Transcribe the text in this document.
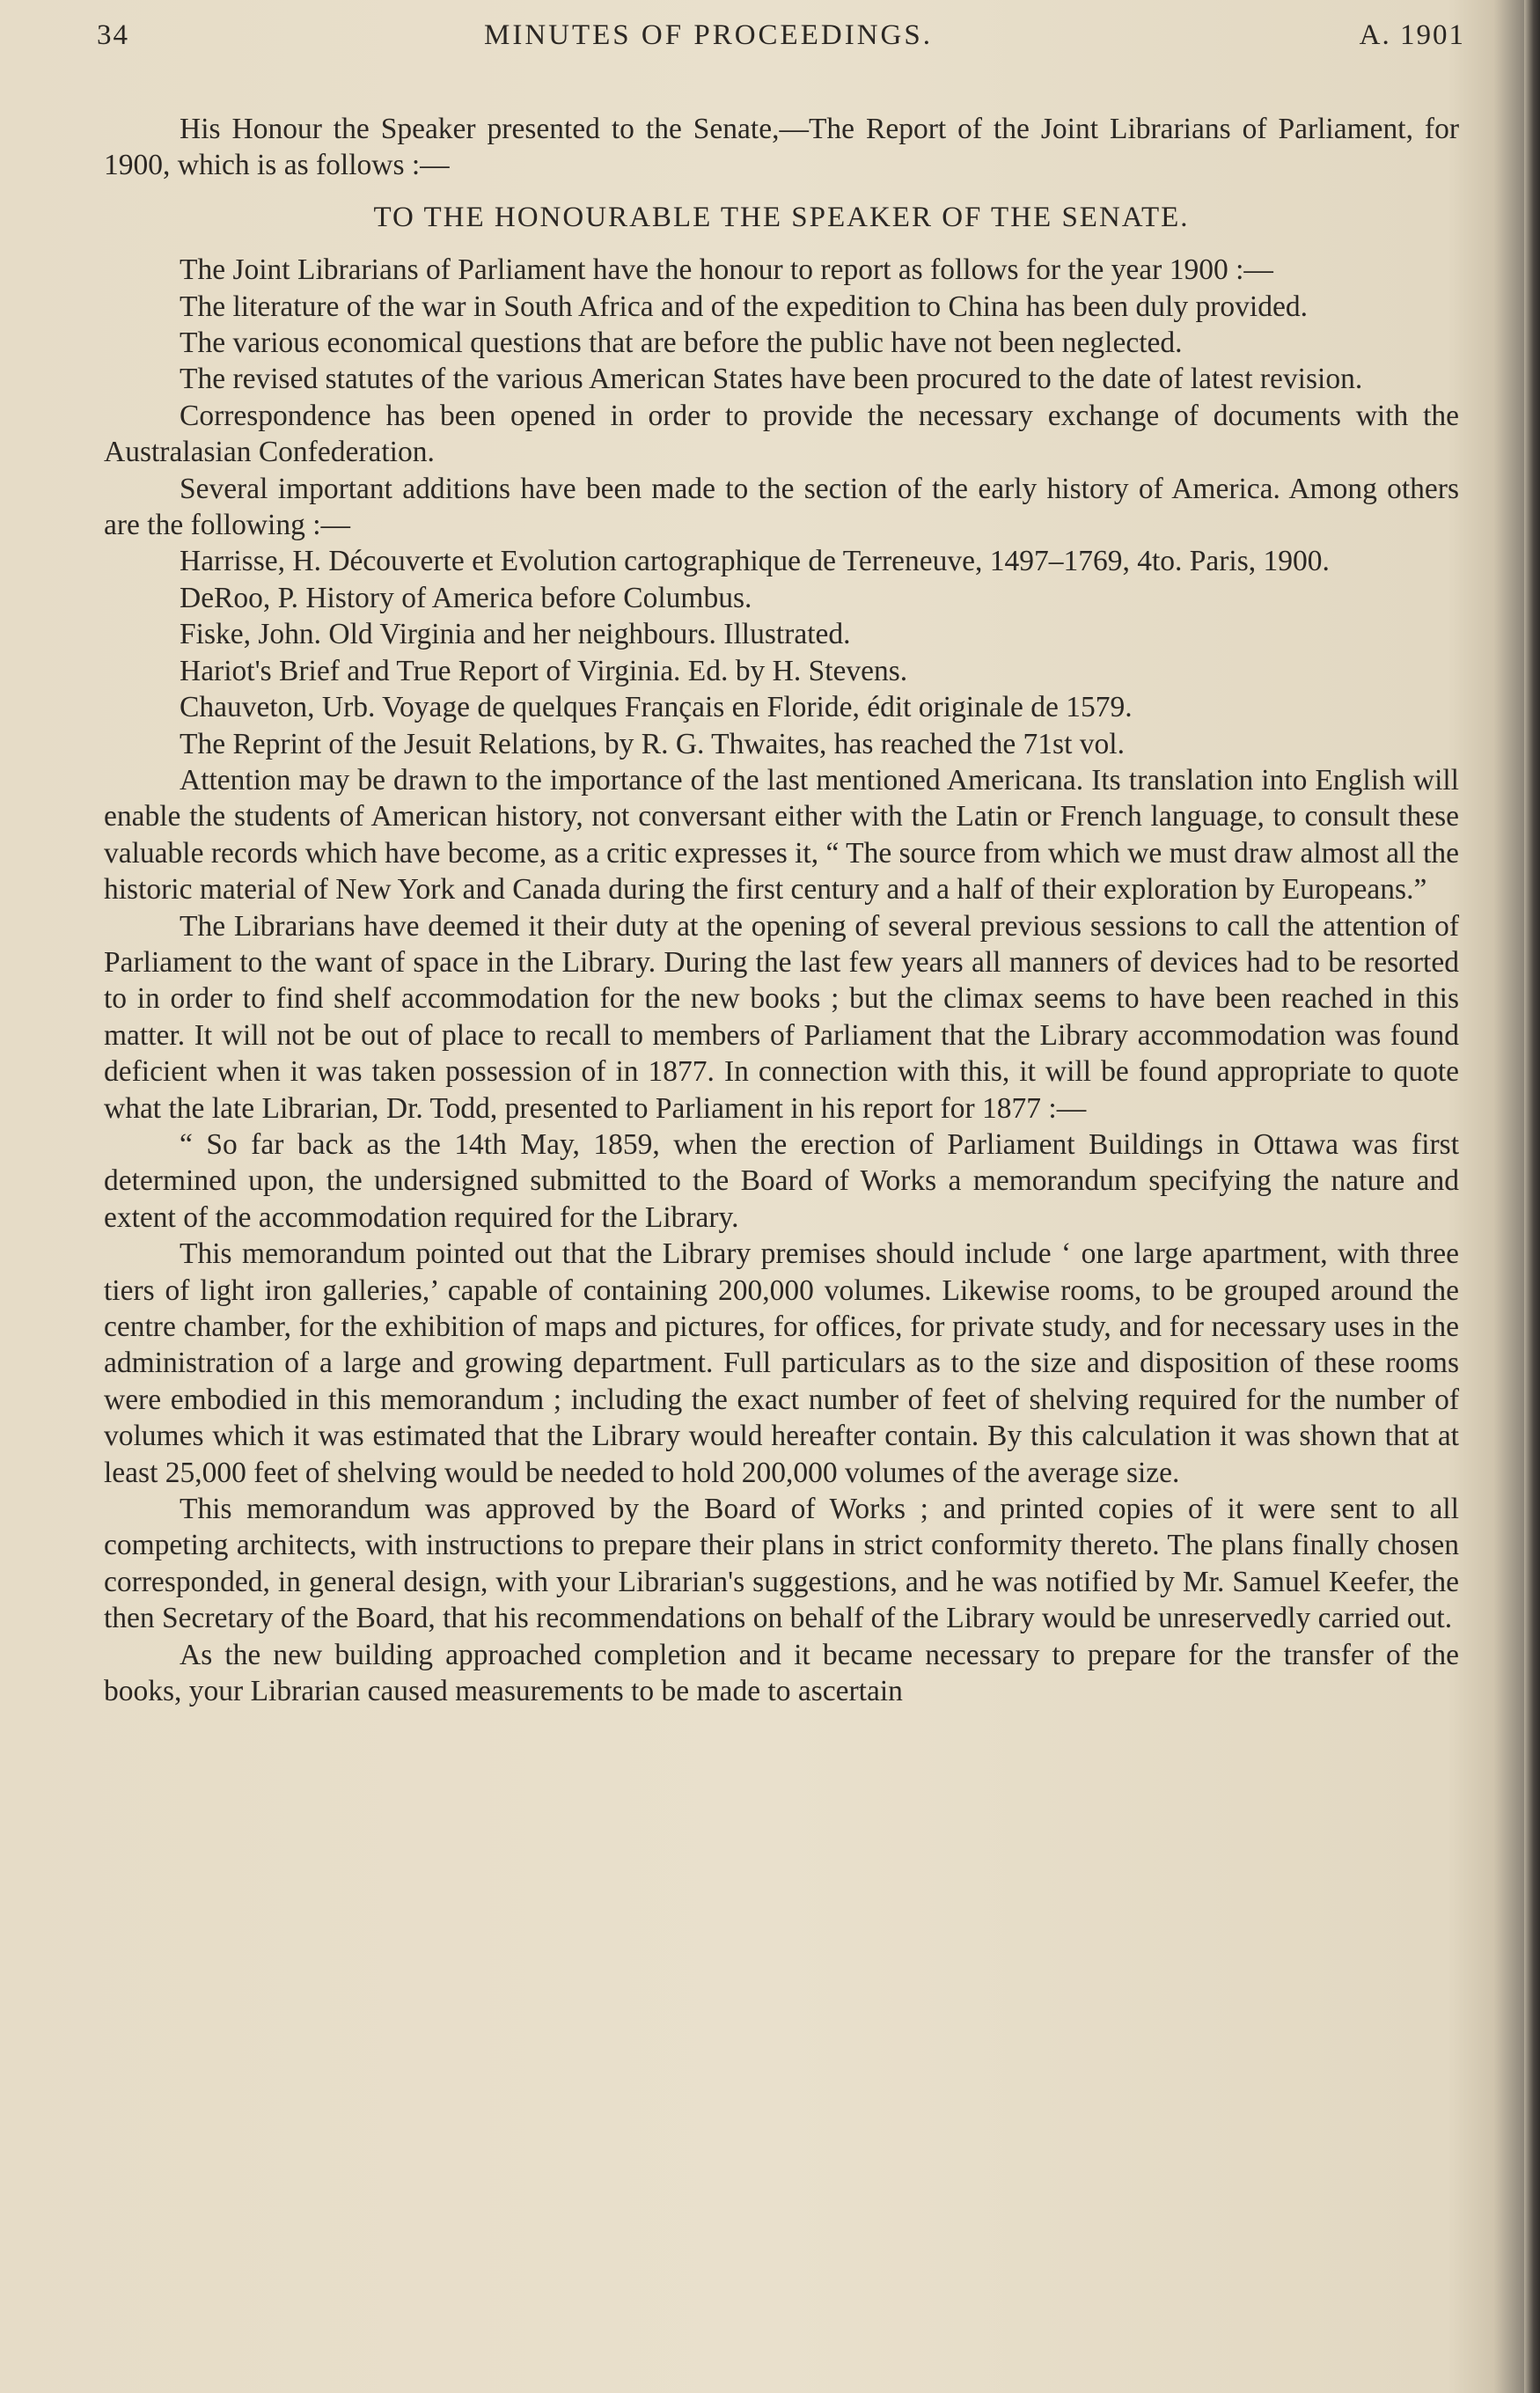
34	MINUTES OF PROCEEDINGS.	A. 1901

His Honour the Speaker presented to the Senate,—The Report of the Joint Librarians of Parliament, for 1900, which is as follows :—

TO THE HONOURABLE THE SPEAKER OF THE SENATE.

The Joint Librarians of Parliament have the honour to report as follows for the year 1900 :—

The literature of the war in South Africa and of the expedition to China has been duly provided.

The various economical questions that are before the public have not been neglected.

The revised statutes of the various American States have been procured to the date of latest revision.

Correspondence has been opened in order to provide the necessary exchange of documents with the Australasian Confederation.

Several important additions have been made to the section of the early history of America. Among others are the following :—

Harrisse, H. Découverte et Evolution cartographique de Terreneuve, 1497–1769, 4to. Paris, 1900.

DeRoo, P. History of America before Columbus.

Fiske, John. Old Virginia and her neighbours. Illustrated.

Hariot's Brief and True Report of Virginia. Ed. by H. Stevens.

Chauveton, Urb. Voyage de quelques Français en Floride, édit originale de 1579.

The Reprint of the Jesuit Relations, by R. G. Thwaites, has reached the 71st vol.

Attention may be drawn to the importance of the last mentioned Americana. Its translation into English will enable the students of American history, not conversant either with the Latin or French language, to consult these valuable records which have become, as a critic expresses it, “ The source from which we must draw almost all the historic material of New York and Canada during the first century and a half of their exploration by Europeans.”

The Librarians have deemed it their duty at the opening of several previous sessions to call the attention of Parliament to the want of space in the Library. During the last few years all manners of devices had to be resorted to in order to find shelf accommodation for the new books ; but the climax seems to have been reached in this matter. It will not be out of place to recall to members of Parliament that the Library accommodation was found deficient when it was taken possession of in 1877. In connection with this, it will be found appropriate to quote what the late Librarian, Dr. Todd, presented to Parliament in his report for 1877 :—

“ So far back as the 14th May, 1859, when the erection of Parliament Buildings in Ottawa was first determined upon, the undersigned submitted to the Board of Works a memorandum specifying the nature and extent of the accommodation required for the Library.

This memorandum pointed out that the Library premises should include ‘ one large apartment, with three tiers of light iron galleries,’ capable of containing 200,000 volumes. Likewise rooms, to be grouped around the centre chamber, for the exhibition of maps and pictures, for offices, for private study, and for necessary uses in the administration of a large and growing department. Full particulars as to the size and disposition of these rooms were embodied in this memorandum ; including the exact number of feet of shelving required for the number of volumes which it was estimated that the Library would hereafter contain. By this calculation it was shown that at least 25,000 feet of shelving would be needed to hold 200,000 volumes of the average size.

This memorandum was approved by the Board of Works ; and printed copies of it were sent to all competing architects, with instructions to prepare their plans in strict conformity thereto. The plans finally chosen corresponded, in general design, with your Librarian's suggestions, and he was notified by Mr. Samuel Keefer, the then Secretary of the Board, that his recommendations on behalf of the Library would be unreservedly carried out.

As the new building approached completion and it became necessary to prepare for the transfer of the books, your Librarian caused measurements to be made to ascertain
